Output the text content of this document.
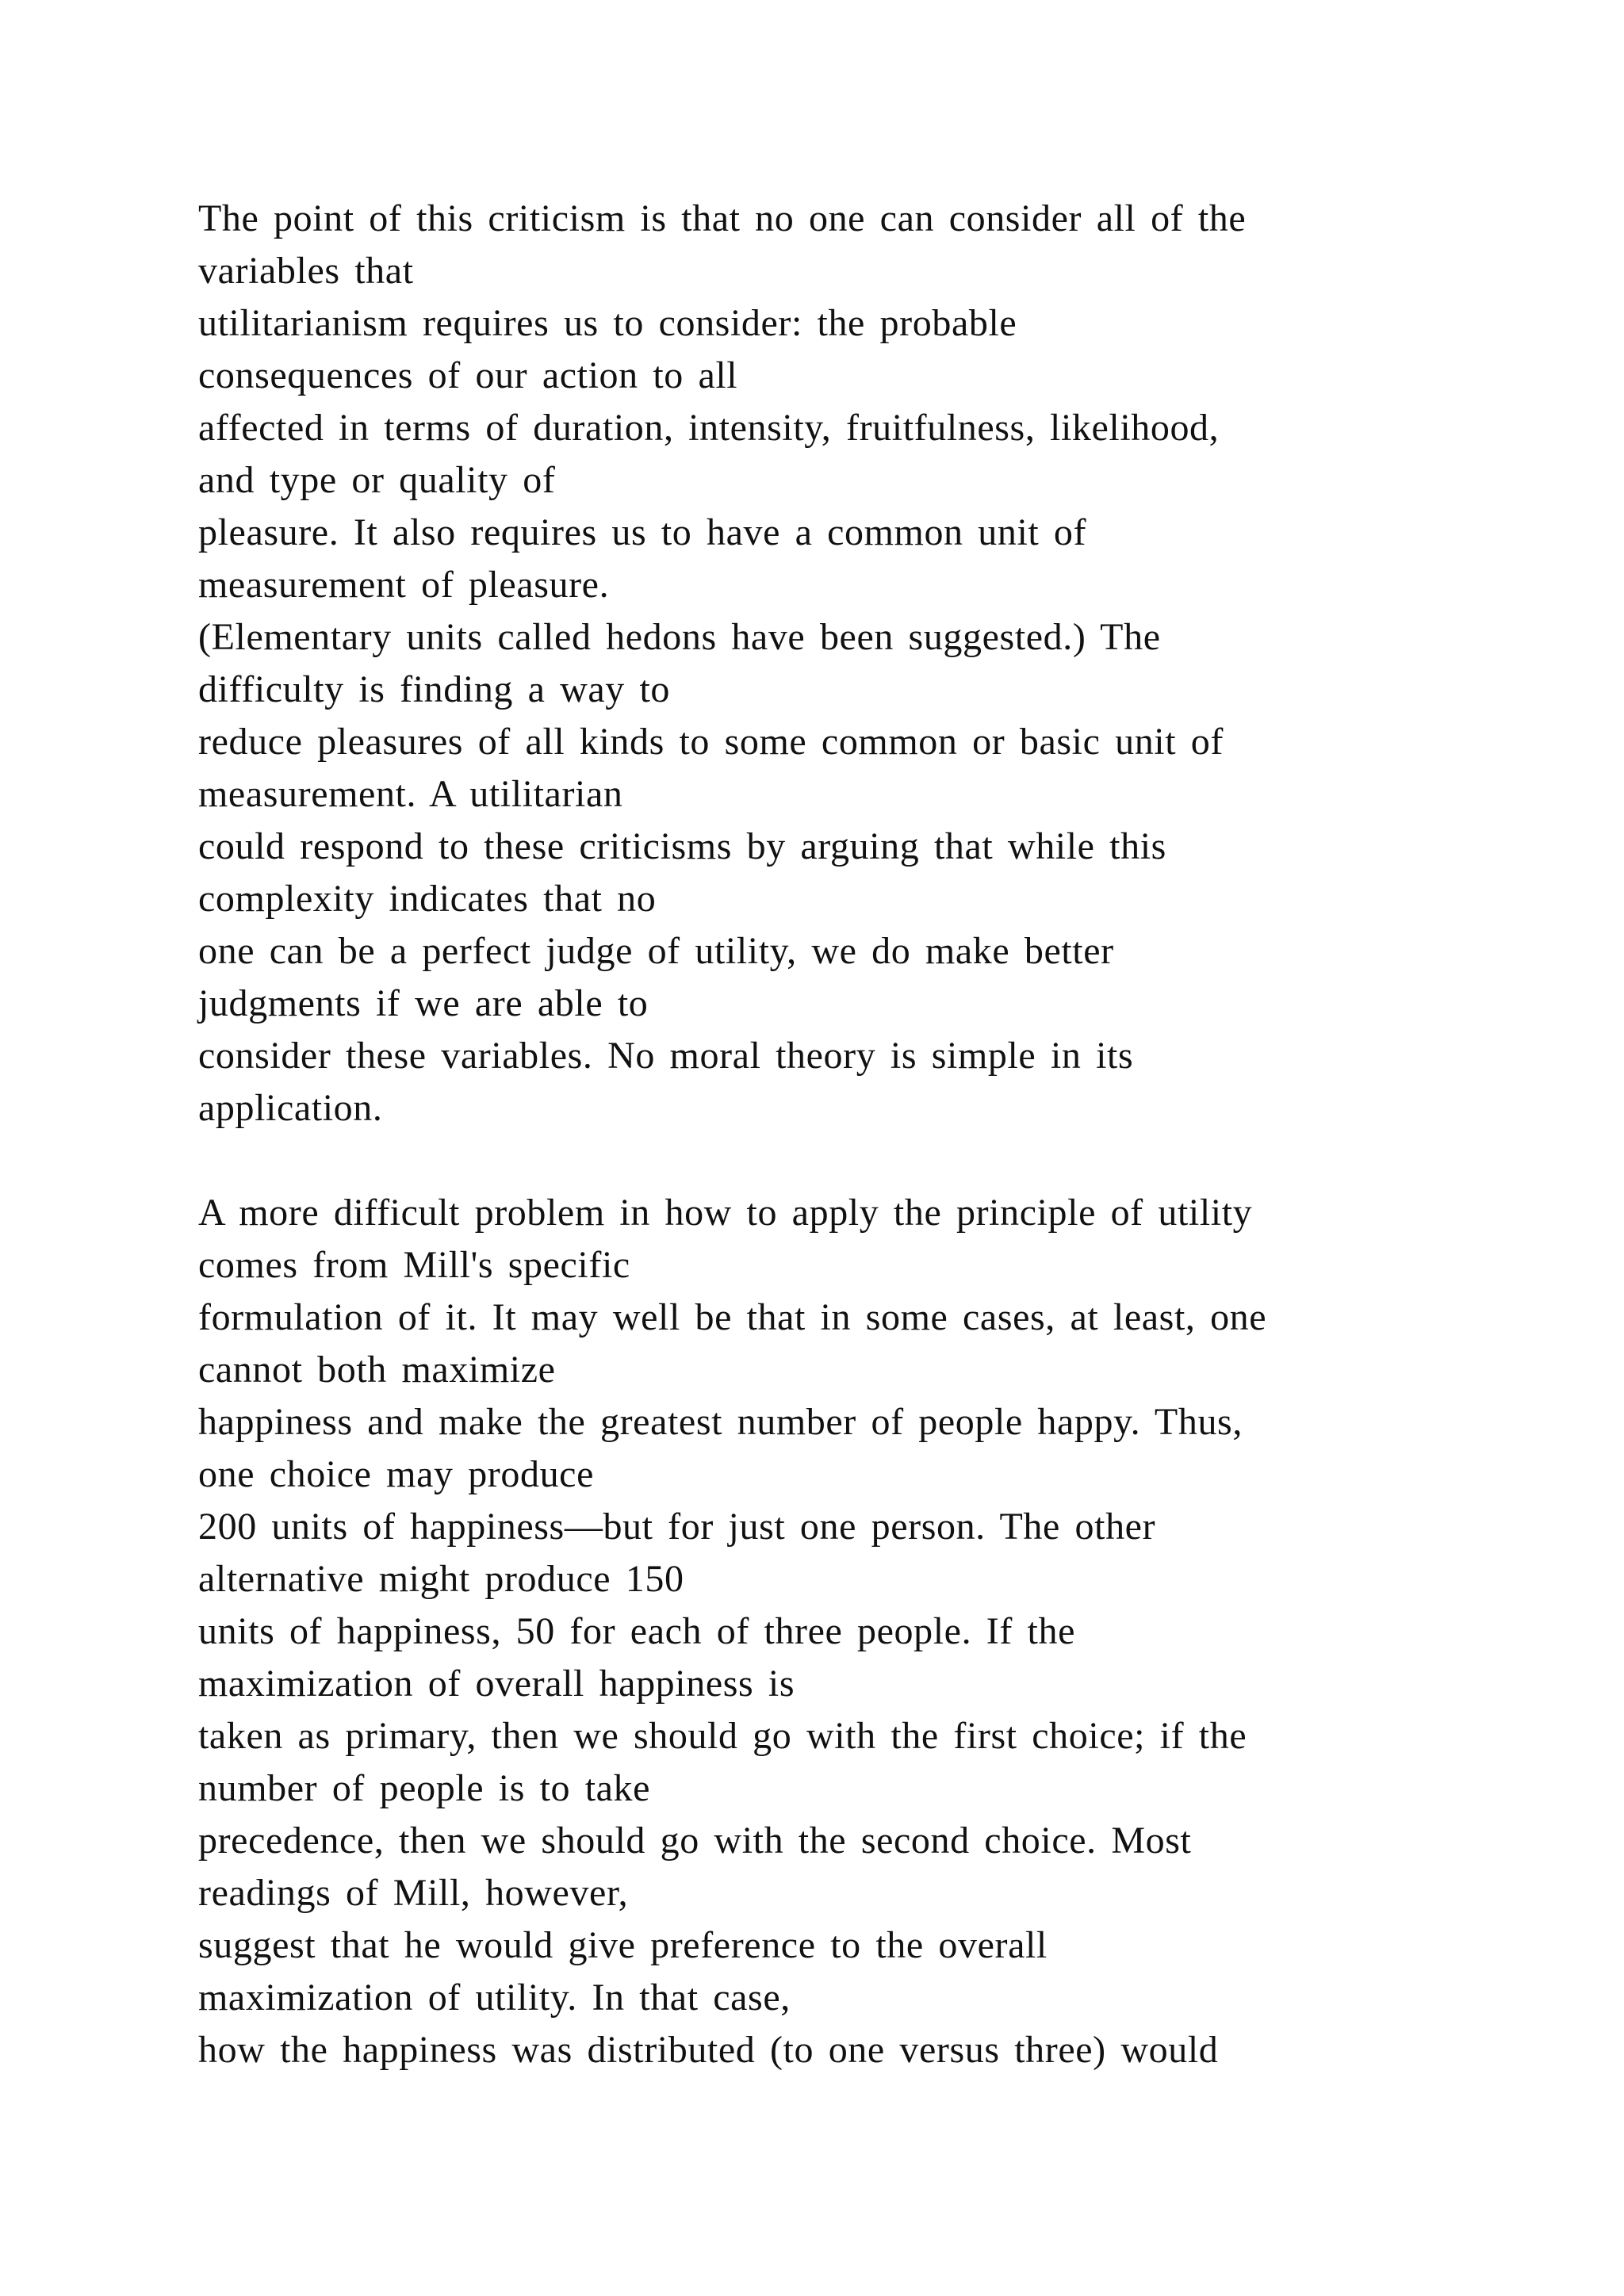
The point of this criticism is that no one can consider all of the
variables that
utilitarianism requires us to consider: the probable
consequences of our action to all
affected in terms of duration, intensity, fruitfulness, likelihood,
and type or quality of
pleasure. It also requires us to have a common unit of
measurement of pleasure.
(Elementary units called hedons have been suggested.) The
difficulty is finding a way to
reduce pleasures of all kinds to some common or basic unit of
measurement. A utilitarian
could respond to these criticisms by arguing that while this
complexity indicates that no
one can be a perfect judge of utility, we do make better
judgments if we are able to
consider these variables. No moral theory is simple in its
application.

A more difficult problem in how to apply the principle of utility
comes from Mill's specific
formulation of it. It may well be that in some cases, at least, one
cannot both maximize
happiness and make the greatest number of people happy. Thus,
one choice may produce
200 units of happiness—but for just one person. The other
alternative might produce 150
units of happiness, 50 for each of three people. If the
maximization of overall happiness is
taken as primary, then we should go with the first choice; if the
number of people is to take
precedence, then we should go with the second choice. Most
readings of Mill, however,
suggest that he would give preference to the overall
maximization of utility. In that case,
how the happiness was distributed (to one versus three) would
